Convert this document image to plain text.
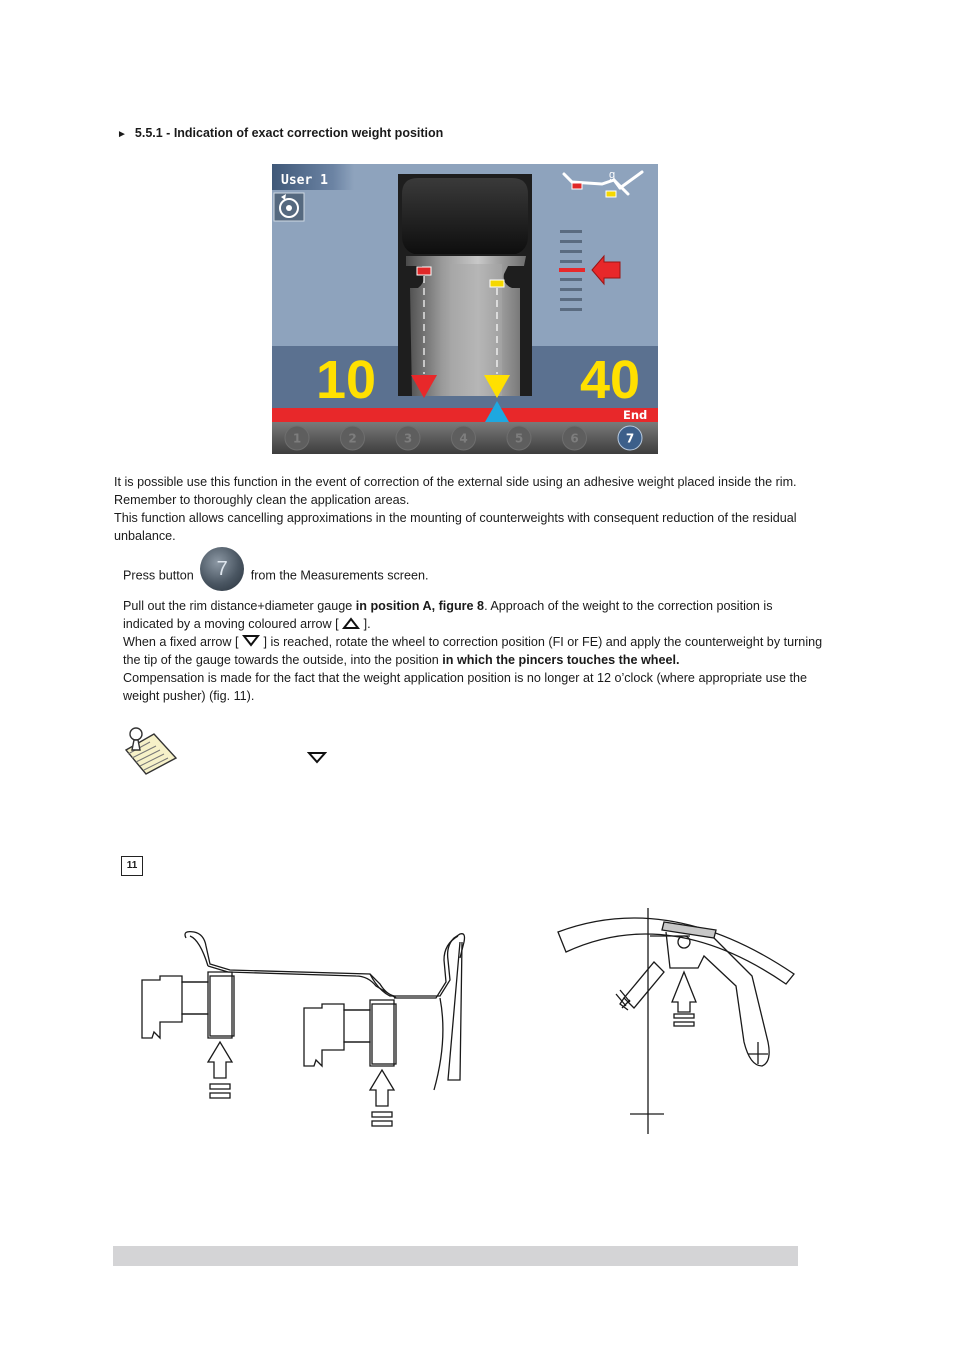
► 5.5.1 - Indication of exact correction weight position
User 1	g
10	40
End
1	2	3	4	5	6	7
It is possible use this function in the event of correction of the external side using an adhesive weight placed inside the rim. Remember to thoroughly clean the application areas.
This function allows cancelling approximations in the mounting of counterweights with consequent reduction of the residual unbalance.
Press button 7 from the Measurements screen.
Pull out the rim distance+diameter gauge in position A, figure 8. Approach of the weight to the correction position is indicated by a moving coloured arrow [  ].
When a fixed arrow [  ] is reached, rotate the wheel to correction position (FI or FE) and apply the counterweight by turning the tip of the gauge towards the outside, into the position in which the pincers touches the wheel.
Compensation is made for the fact that the weight application position is no longer at 12 o’clock (where appropriate use the weight pusher) (fig. 11).
11
